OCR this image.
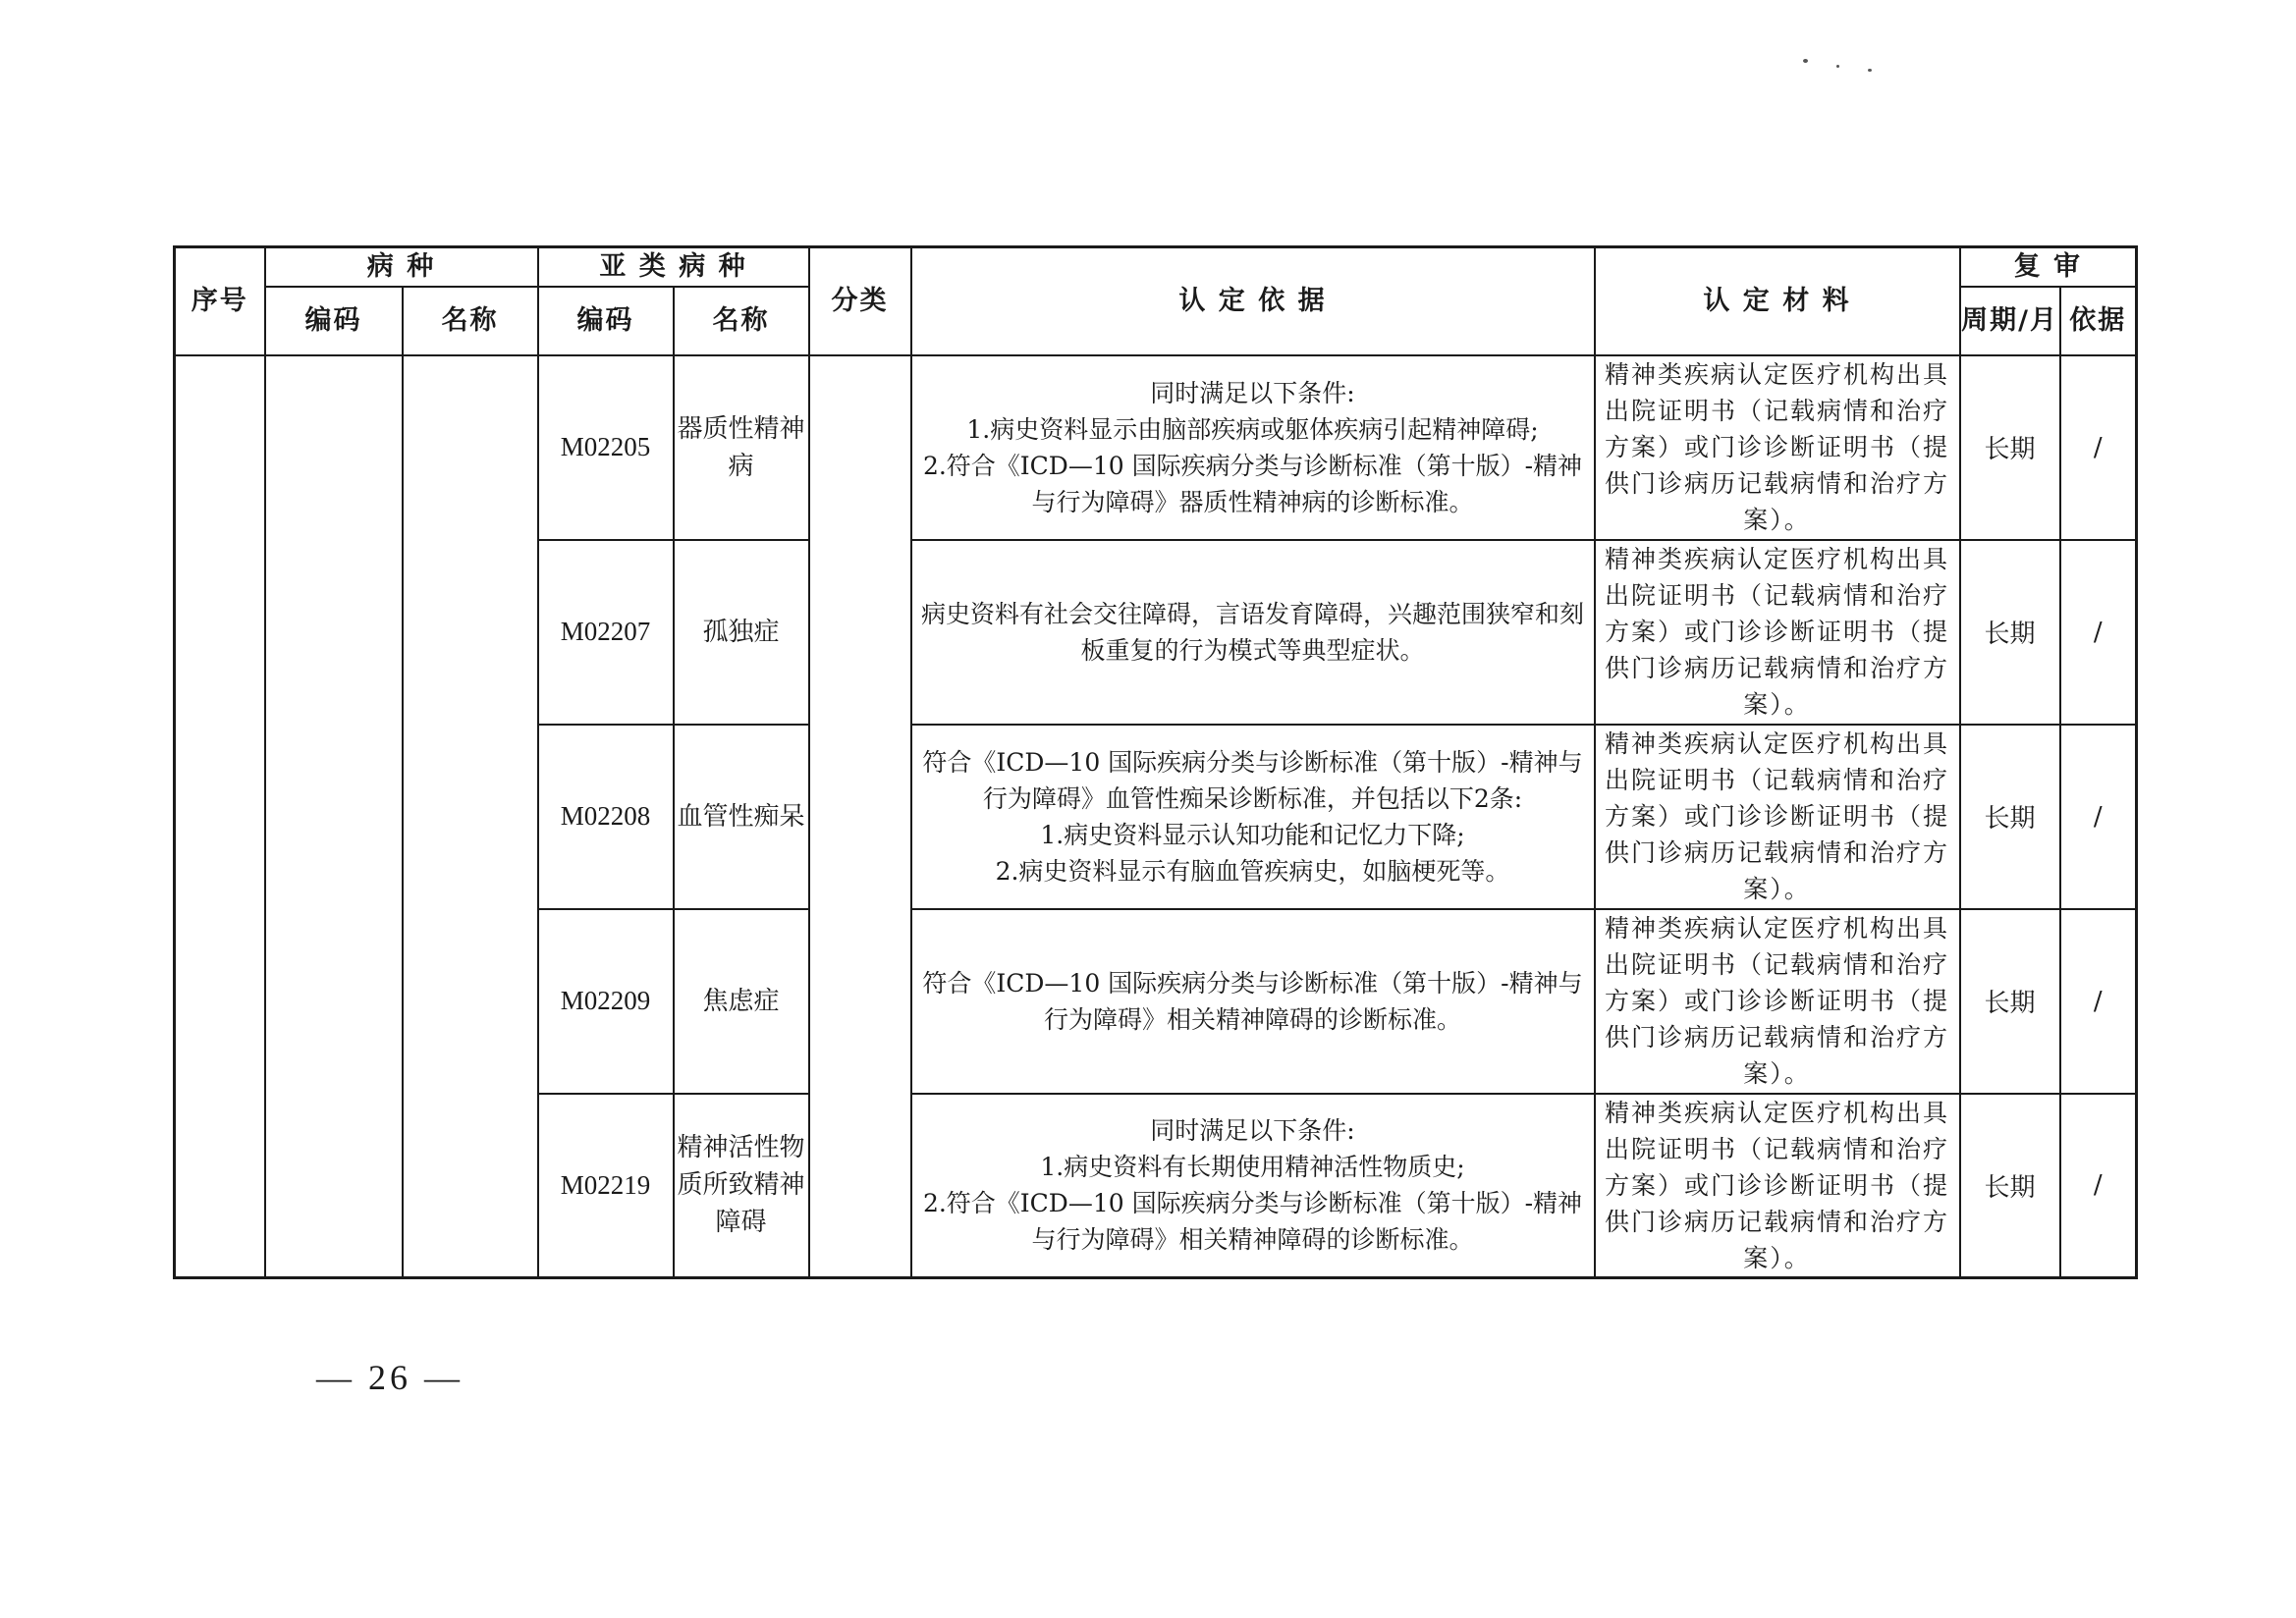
序号	病 种		亚 类 病 种		分类	认 定 依 据	认 定 材 料	复 审	
	编码	名称	编码	名称				周期/月	依据
			M02205	器质性精神病		同时满足以下条件:
1.病史资料显示由脑部疾病或躯体疾病引起精神障碍;
2.符合《ICD—10 国际疾病分类与诊断标准（第十版）-精神与行为障碍》器质性精神病的诊断标准。	精神类疾病认定医疗机构出具出院证明书（记载病情和治疗方案）或门诊诊断证明书（提供门诊病历记载病情和治疗方案）。	长期	/
			M02207	孤独症		病史资料有社会交往障碍，言语发育障碍，兴趣范围狭窄和刻板重复的行为模式等典型症状。	精神类疾病认定医疗机构出具出院证明书（记载病情和治疗方案）或门诊诊断证明书（提供门诊病历记载病情和治疗方案）。	长期	/
			M02208	血管性痴呆		符合《ICD—10 国际疾病分类与诊断标准（第十版）-精神与行为障碍》血管性痴呆诊断标准，并包括以下2条:
1.病史资料显示认知功能和记忆力下降;
2.病史资料显示有脑血管疾病史，如脑梗死等。	精神类疾病认定医疗机构出具出院证明书（记载病情和治疗方案）或门诊诊断证明书（提供门诊病历记载病情和治疗方案）。	长期	/
			M02209	焦虑症		符合《ICD—10 国际疾病分类与诊断标准（第十版）-精神与行为障碍》相关精神障碍的诊断标准。	精神类疾病认定医疗机构出具出院证明书（记载病情和治疗方案）或门诊诊断证明书（提供门诊病历记载病情和治疗方案）。	长期	/
			M02219	精神活性物质所致精神障碍		同时满足以下条件:
1.病史资料有长期使用精神活性物质史;
2.符合《ICD—10 国际疾病分类与诊断标准（第十版）-精神与行为障碍》相关精神障碍的诊断标准。	精神类疾病认定医疗机构出具出院证明书（记载病情和治疗方案）或门诊诊断证明书（提供门诊病历记载病情和治疗方案）。	长期	/
— 26 —
